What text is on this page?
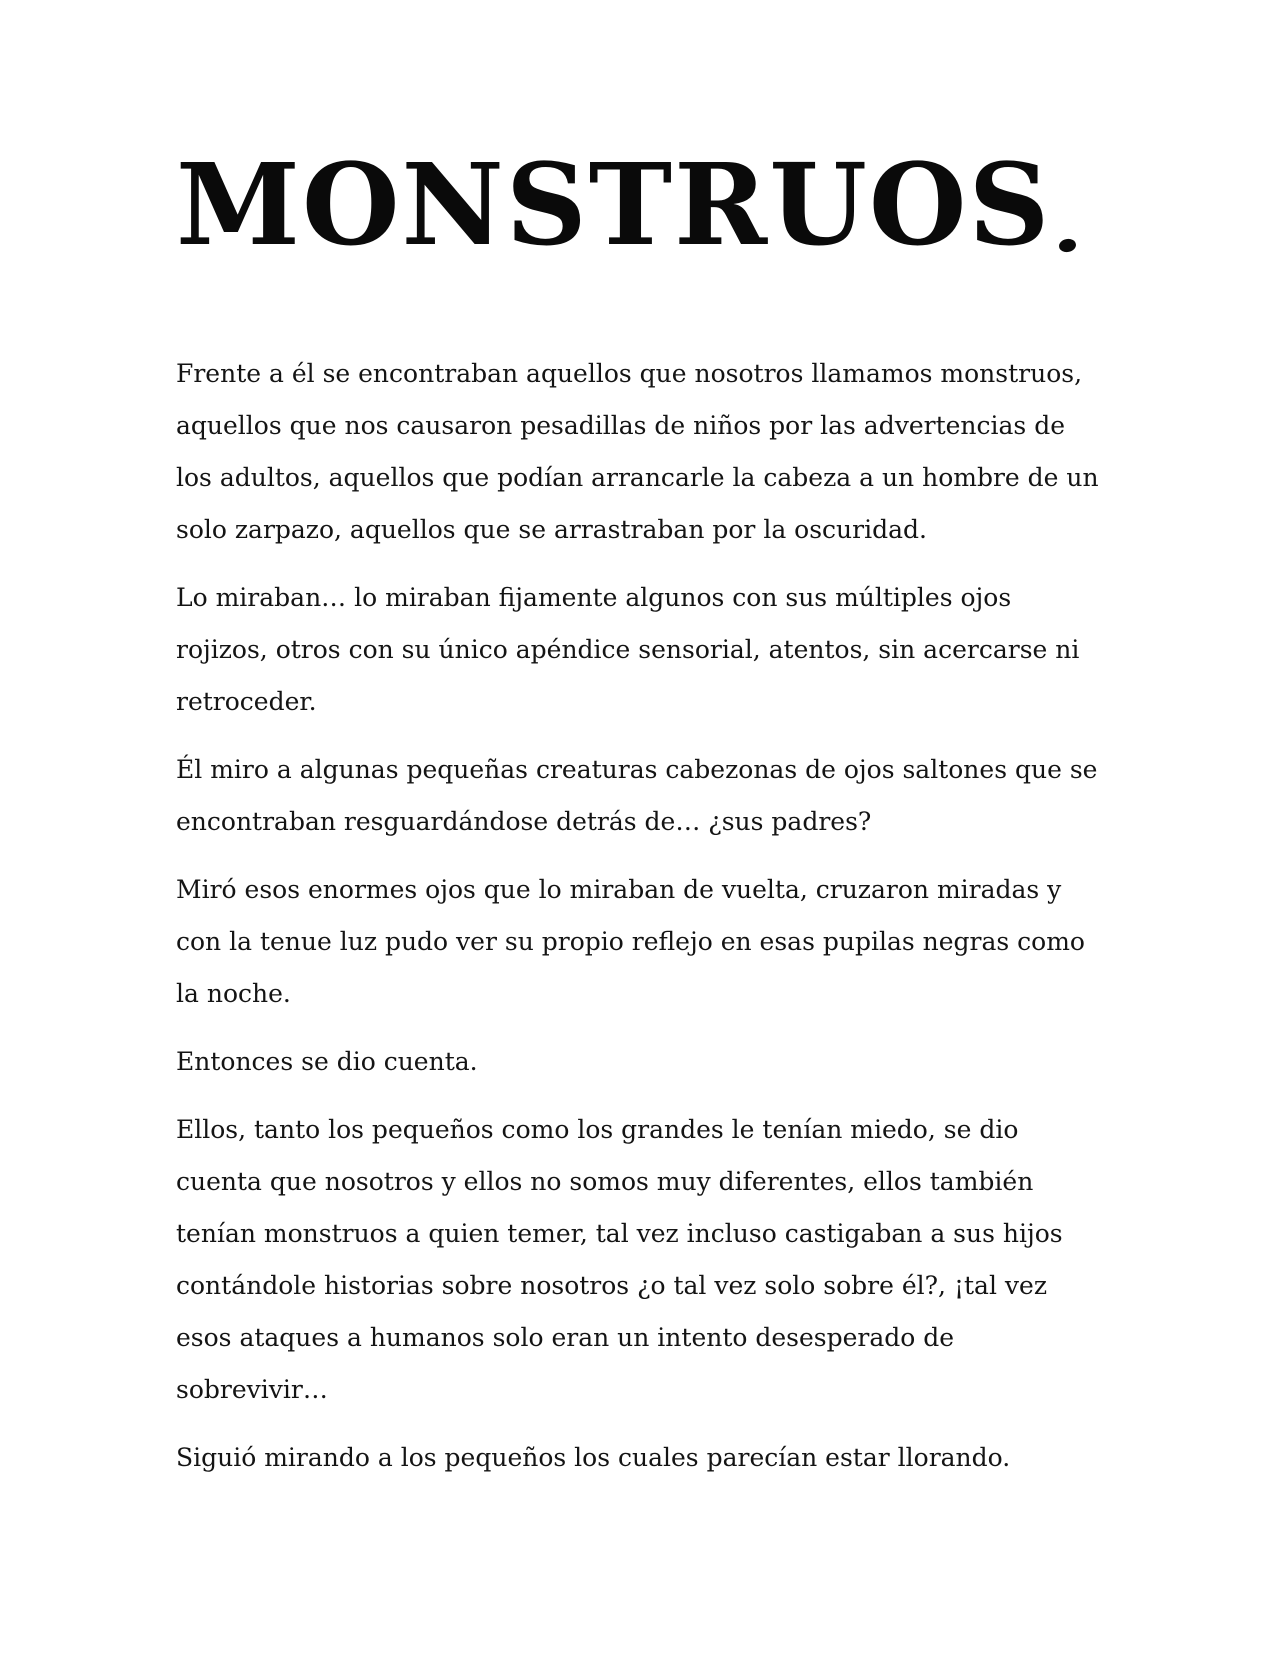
MONSTRUOS

Frente a él se encontraban aquellos que nosotros llamamos monstruos, aquellos que nos causaron pesadillas de niños por las advertencias de los adultos, aquellos que podían arrancarle la cabeza a un hombre de un solo zarpazo, aquellos que se arrastraban por la oscuridad.

Lo miraban… lo miraban fijamente algunos con sus múltiples ojos rojizos, otros con su único apéndice sensorial, atentos, sin acercarse ni retroceder.

Él miro a algunas pequeñas creaturas cabezonas de ojos saltones que se encontraban resguardándose detrás de… ¿sus padres?

Miró esos enormes ojos que lo miraban de vuelta, cruzaron miradas y con la tenue luz pudo ver su propio reflejo en esas pupilas negras como la noche.

Entonces se dio cuenta.

Ellos, tanto los pequeños como los grandes le tenían miedo, se dio cuenta que nosotros y ellos no somos muy diferentes, ellos también tenían monstruos a quien temer, tal vez incluso castigaban a sus hijos contándole historias sobre nosotros ¿o tal vez solo sobre él?, ¡tal vez esos ataques a humanos solo eran un intento desesperado de sobrevivir…

Siguió mirando a los pequeños los cuales parecían estar llorando.
